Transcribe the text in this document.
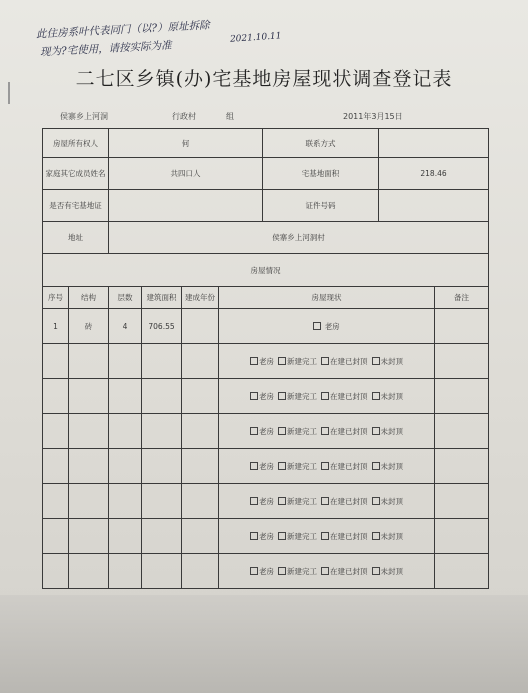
此住房系叶代表同门（以?）原址拆除
现为?宅使用，请按实际为准
2021.10.11
二七区乡镇(办)宅基地房屋现状调查登记表
侯寨乡上河洞	行政村	组	2011年3月15日
房屋所有权人		何				联系方式		
家庭其它成员姓名		共四口人				宅基地面积	218.46	
是否有宅基地证						证件号码		
地址		侯寨乡上河洞村						
房屋情况								
序号	结构	层数	建筑面积	建成年份	房屋现状			备注
1	砖	4	706.55		老房			
					老房 新建完工 在建已封顶 未封顶			
					老房 新建完工 在建已封顶 未封顶			
					老房 新建完工 在建已封顶 未封顶			
					老房 新建完工 在建已封顶 未封顶			
					老房 新建完工 在建已封顶 未封顶			
					老房 新建完工 在建已封顶 未封顶			
					老房 新建完工 在建已封顶 未封顶			
